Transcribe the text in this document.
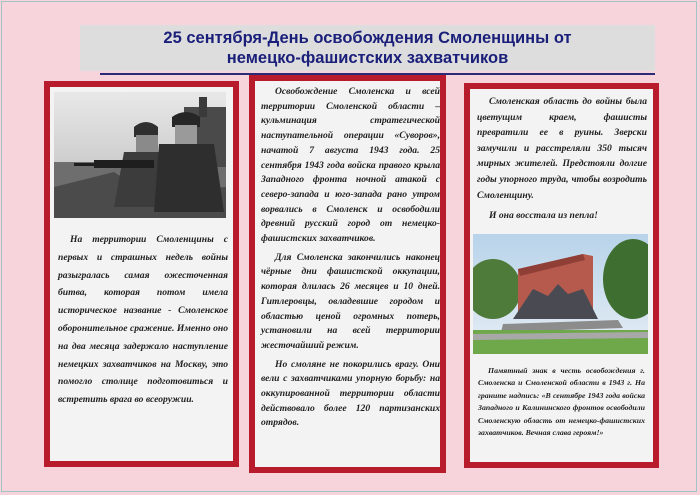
25 сентября-День освобождения Смоленщины от
немецко-фашистских захватчиков

На территории Смоленщины с первых и страшных недель войны разыгралась самая ожесточенная битва, которая потом имела историческое название - Смоленское оборонительное сражение. Именно оно на два месяца задержало наступление немецких захватчиков на Москву, это помогло столице подготовиться и встретить врага во всеоружии.

Освобождение Смоленска и всей территории Смоленской области – кульминация стратегической наступательной операции «Суворов», начатой 7 августа 1943 года. 25 сентября 1943 года войска правого крыла Западного фронта ночной атакой с северо-запада и юго-запада рано утром ворвались в Смоленск и освободили древний русский город от немецко-фашистских захватчиков.

Для Смоленска закончились наконец чёрные дни фашистской оккупации, которая длилась 26 месяцев и 10 дней. Гитлеровцы, овладевшие городом и областью ценой огромных потерь, установили на всей территории жесточайший режим.

Но смоляне не покорились врагу. Они вели с захватчиками упорную борьбу: на оккупированной территории области действовало более 120 партизанских отрядов.

Смоленская область до войны была цветущим краем, фашисты превратили ее в руины. Зверски замучили и расстреляли 350 тысяч мирных жителей. Предстояли долгие годы упорного труда, чтобы возродить Смоленщину.

И она восстала из пепла!

Памятный знак в честь освобождения г. Смоленска и Смоленской области в 1943 г. На граните надпись: «В сентябре 1943 года войска Западного и Калининского фронтов освободили Смоленскую область от немецко-фашистских захватчиков. Вечная слава героям!»
